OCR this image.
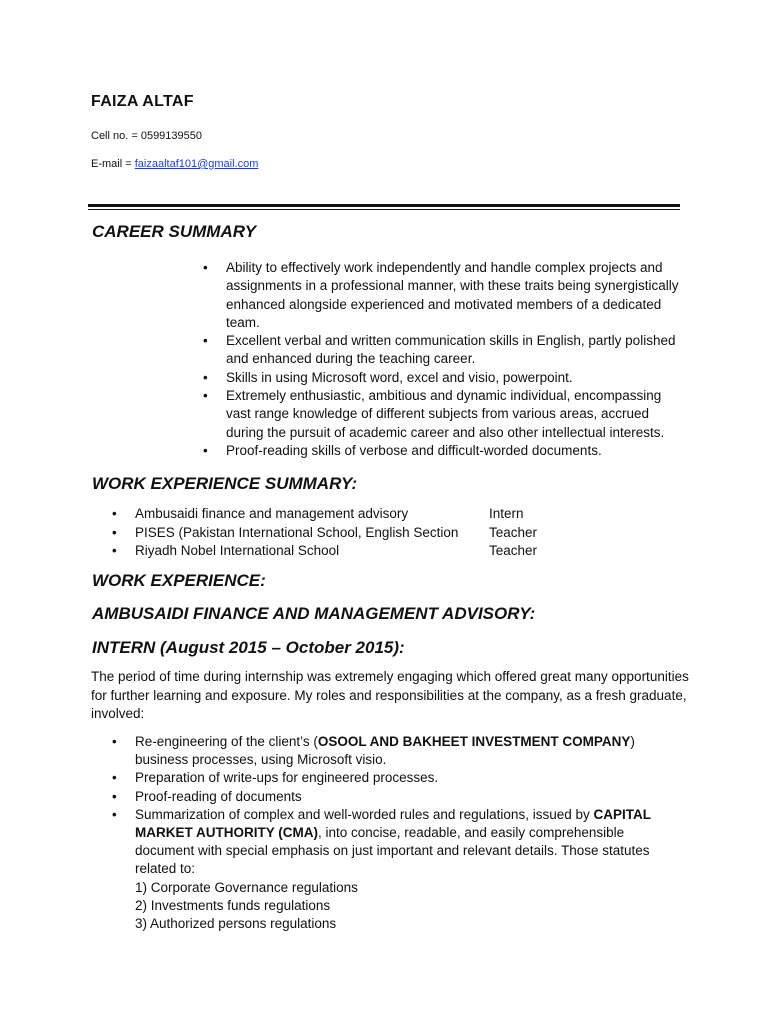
FAIZA ALTAF

Cell no. = 0599139550

E-mail = faizaaltaf101@gmail.com

CAREER SUMMARY
• Ability to effectively work independently and handle complex projects and assignments in a professional manner, with these traits being synergistically enhanced alongside experienced and motivated members of a dedicated team.
• Excellent verbal and written communication skills in English, partly polished and enhanced during the teaching career.
• Skills in using Microsoft word, excel and visio, powerpoint.
• Extremely enthusiastic, ambitious and dynamic individual, encompassing vast range knowledge of different subjects from various areas, accrued during the pursuit of academic career and also other intellectual interests.
• Proof-reading skills of verbose and difficult-worded documents.
WORK EXPERIENCE SUMMARY:
• Ambusaidi finance and management advisory	Intern
• PISES (Pakistan International School, English Section Teacher
• Riyadh Nobel International School	Teacher
WORK EXPERIENCE:
AMBUSAIDI FINANCE AND MANAGEMENT ADVISORY:
INTERN (August 2015 – October 2015):

The period of time during internship was extremely engaging which offered great many opportunities for further learning and exposure. My roles and responsibilities at the company, as a fresh graduate, involved:

• Re-engineering of the client’s (OSOOL AND BAKHEET INVESTMENT COMPANY) business processes, using Microsoft visio.
• Preparation of write-ups for engineered processes.
• Proof-reading of documents
• Summarization of complex and well-worded rules and regulations, issued by CAPITAL MARKET AUTHORITY (CMA), into concise, readable, and easily comprehensible document with special emphasis on just important and relevant details. Those statutes related to:
1) Corporate Governance regulations
2) Investments funds regulations
3) Authorized persons regulations
